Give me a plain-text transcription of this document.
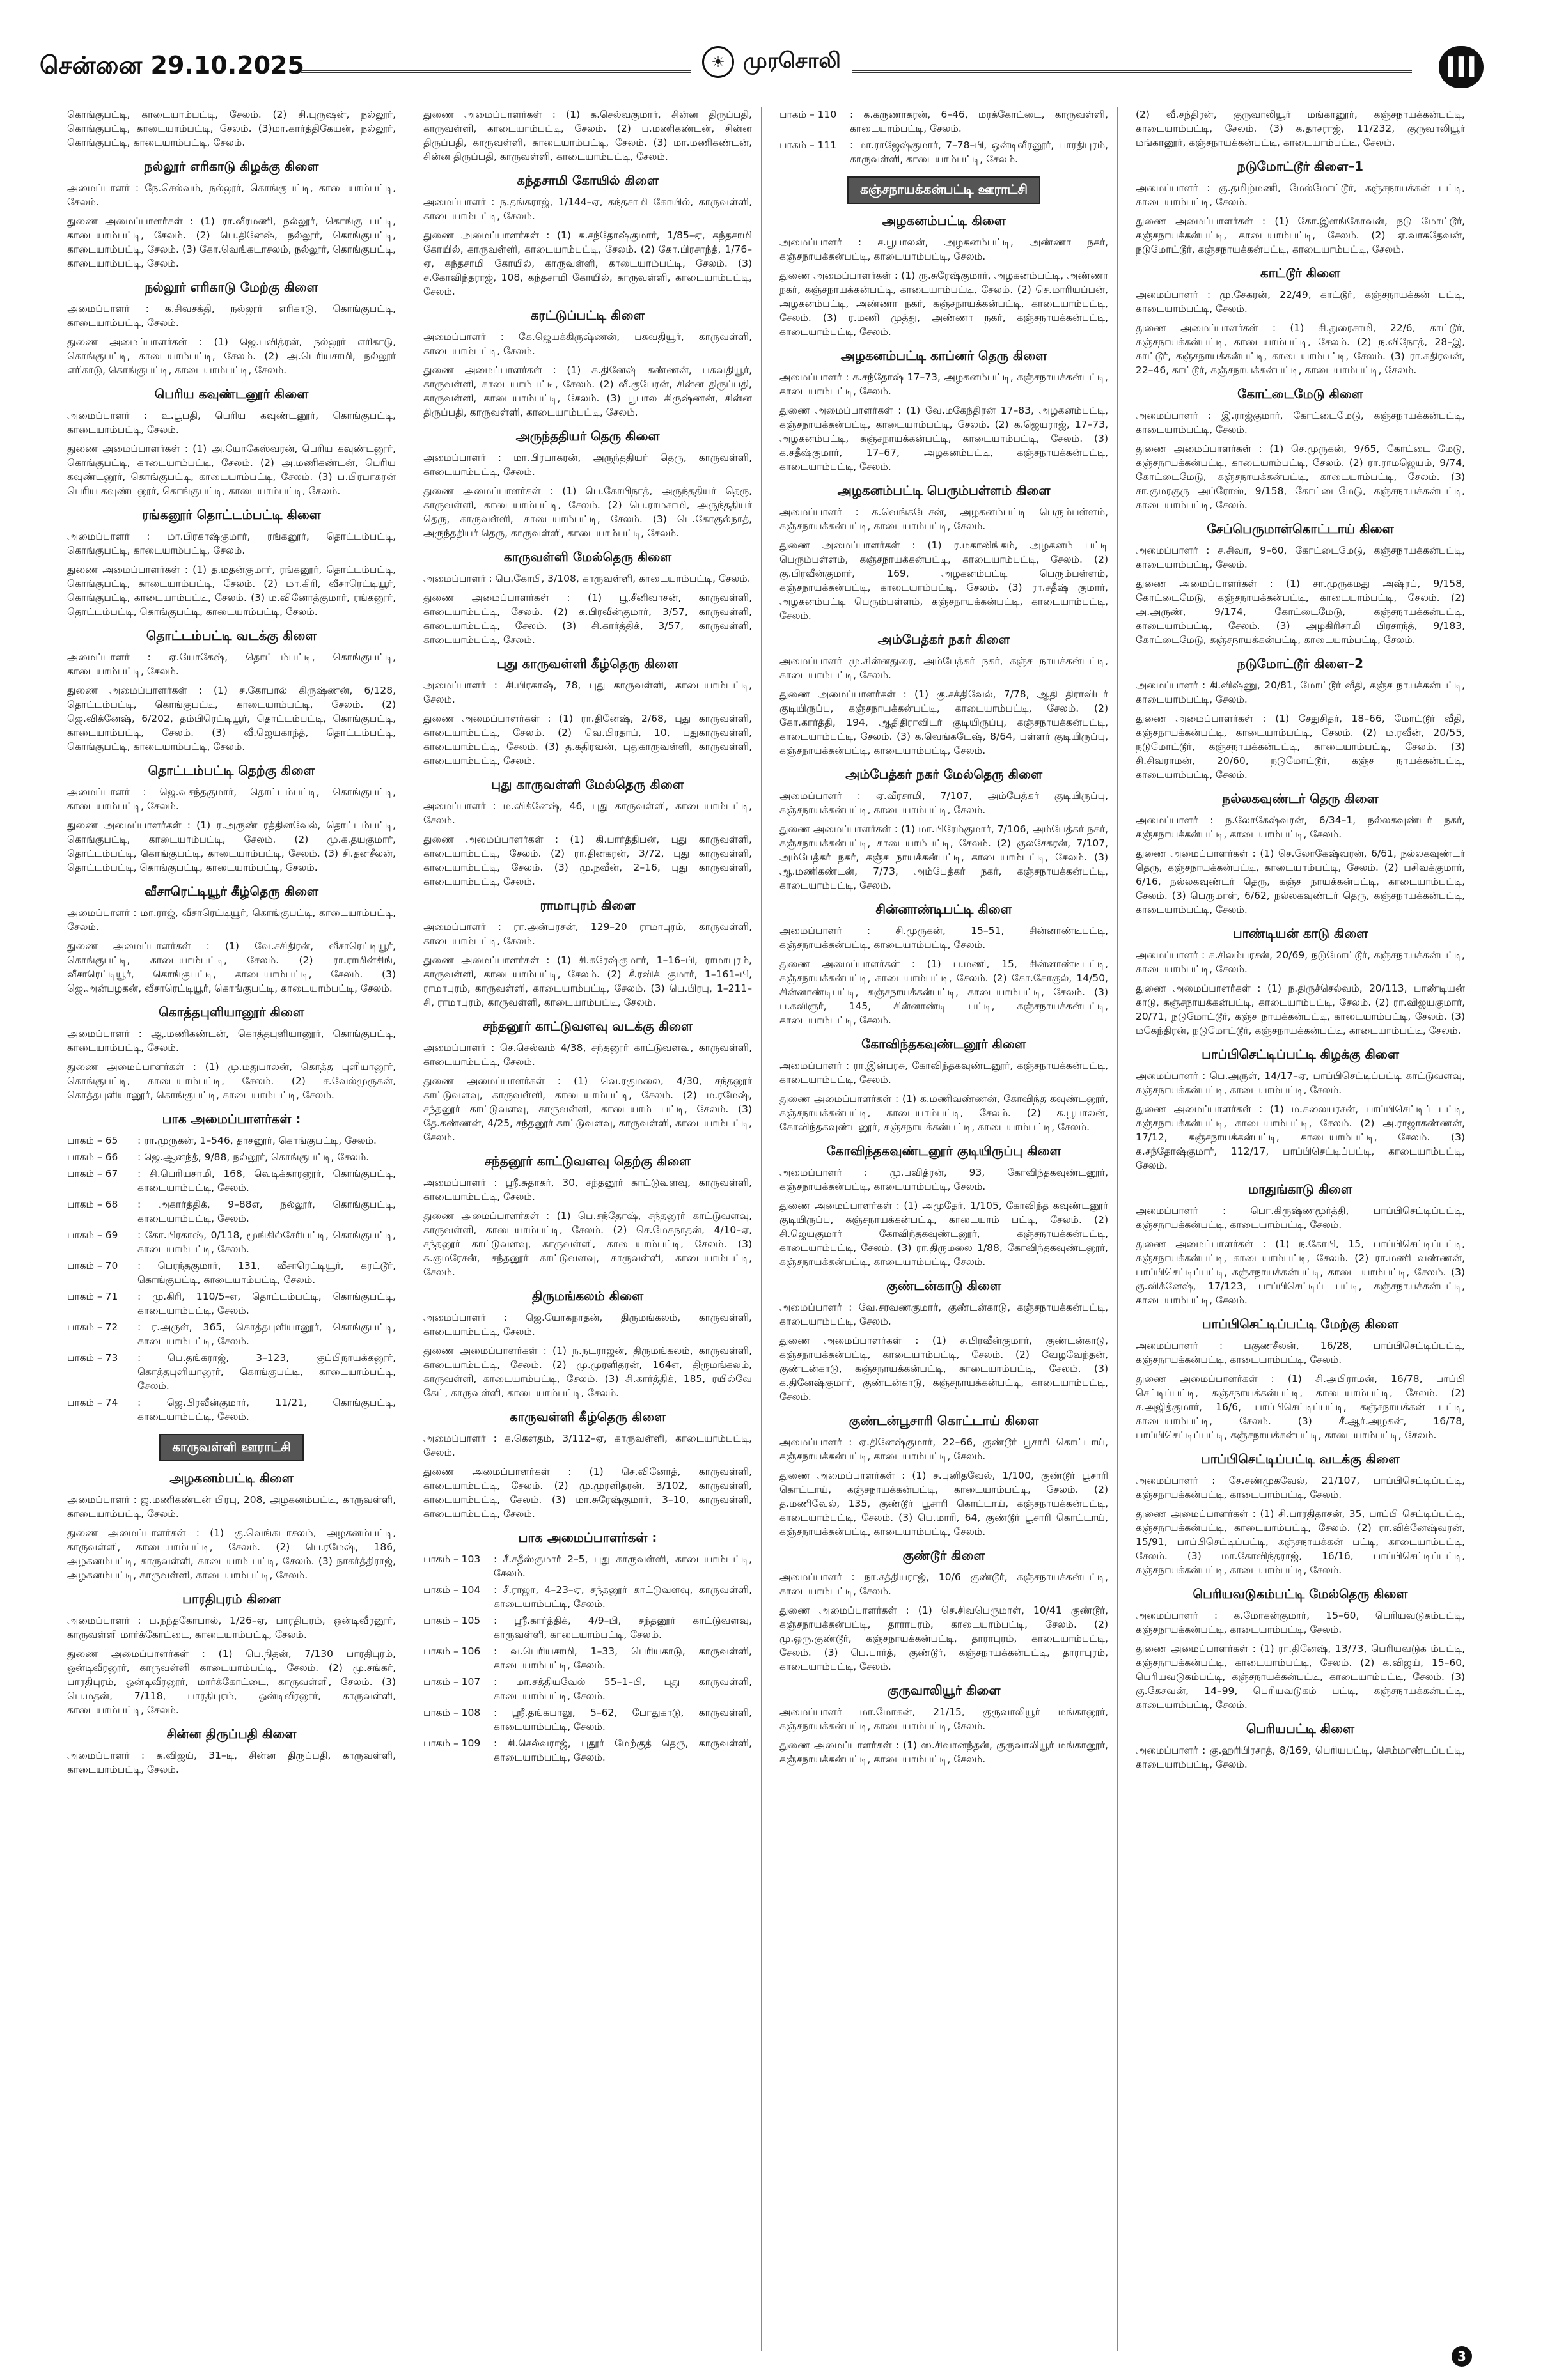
சென்னை 29.10.2025	☀ முரசொலி	III

கொங்குபட்டி, காடையாம்பட்டி, சேலம். (2) சி.புருஷன், நல்லூர், கொங்குபட்டி, காடையாம்பட்டி, சேலம். (3)மா.கார்த்திகேயன், நல்லூர், கொங்குபட்டி, காடையாம்பட்டி, சேலம்.

நல்லூர் எரிகாடு கிழக்கு கிளை

அமைப்பாளர் : நே.செல்வம், நல்லூர், கொங்குபட்டி, காடையாம்பட்டி, சேலம்.

துணை அமைப்பாளர்கள் : (1) ரா.வீரமணி, நல்லூர், கொங்கு பட்டி, காடையாம்பட்டி, சேலம். (2) பெ.தினேஷ், நல்லூர், கொங்குபட்டி, காடையாம்பட்டி, சேலம். (3) கோ.வெங்கடாசலம், நல்லூர், கொங்குபட்டி, காடையாம்பட்டி, சேலம்.

நல்லூர் எரிகாடு மேற்கு கிளை

அமைப்பாளர் : க.சிவசக்தி, நல்லூர் எரிகாடு, கொங்குபட்டி, காடையாம்பட்டி, சேலம்.

துணை அமைப்பாளர்கள் : (1) ஜெ.பவித்ரன், நல்லூர் எரிகாடு, கொங்குபட்டி, காடையாம்பட்டி, சேலம். (2) அ.பெரியசாமி, நல்லூர் எரிகாடு, கொங்குபட்டி, காடையாம்பட்டி, சேலம்.

பெரிய கவுண்டனூர் கிளை

அமைப்பாளர் : உ.பூபதி, பெரிய கவுண்டனூர், கொங்குபட்டி, காடையாம்பட்டி, சேலம்.

துணை அமைப்பாளர்கள் : (1) அ.யோகேஸ்வரன், பெரிய கவுண்டனூர், கொங்குபட்டி, காடையாம்பட்டி, சேலம். (2) அ.மணிகண்டன், பெரிய கவுண்டனூர், கொங்குபட்டி, காடையாம்பட்டி, சேலம். (3) ப.பிரபாகரன் பெரிய கவுண்டனூர், கொங்குபட்டி, காடையாம்பட்டி, சேலம்.

ரங்கனூர் தொட்டம்பட்டி கிளை

அமைப்பாளர் : மா.பிரகாஷ்குமார், ரங்கனூர், தொட்டம்பட்டி, கொங்குபட்டி, காடையாம்பட்டி, சேலம்.

துணை அமைப்பாளர்கள் : (1) த.மதன்குமார், ரங்கனூர், தொட்டம்பட்டி, கொங்குபட்டி, காடையாம்பட்டி, சேலம். (2) மா.கிரி, வீசாரெட்டியூர், கொங்குபட்டி, காடையாம்பட்டி, சேலம். (3) ம.வினோத்குமார், ரங்கனூர், தொட்டம்பட்டி, கொங்குபட்டி, காடையாம்பட்டி, சேலம்.

தொட்டம்பட்டி வடக்கு கிளை

அமைப்பாளர் : ஏ.யோகேஷ், தொட்டம்பட்டி, கொங்குபட்டி, காடையாம்பட்டி, சேலம்.

துணை அமைப்பாளர்கள் : (1) ச.கோபால் கிருஷ்ணன், 6/128, தொட்டம்பட்டி, கொங்குபட்டி, காடையாம்பட்டி, சேலம். (2) ஜெ.விக்னேஷ், 6/202, தம்பிரெட்டியூர், தொட்டம்பட்டி, கொங்குபட்டி, காடையாம்பட்டி, சேலம். (3) வீ.ஜெயகாந்த், தொட்டம்பட்டி, கொங்குபட்டி, காடையாம்பட்டி, சேலம்.

தொட்டம்பட்டி தெற்கு கிளை

அமைப்பாளர் : ஜெ.வசந்தகுமார், தொட்டம்பட்டி, கொங்குபட்டி, காடையாம்பட்டி, சேலம்.

துணை அமைப்பாளர்கள் : (1) ர.அருண் ரத்தினவேல், தொட்டம்பட்டி, கொங்குபட்டி, காடையாம்பட்டி, சேலம். (2) மு.க.தயகுமார், தொட்டம்பட்டி, கொங்குபட்டி, காடையாம்பட்டி, சேலம். (3) சி.தனசீலன், தொட்டம்பட்டி, கொங்குபட்டி, காடையாம்பட்டி, சேலம்.

வீசாரெட்டியூர் கீழ்தெரு கிளை

அமைப்பாளர் : மா.ராஜ், வீசாரெட்டியூர், கொங்குபட்டி, காடையாம்பட்டி, சேலம்.

துணை அமைப்பாளர்கள் : (1) வே.சசிதிரன், வீசாரெட்டியூர், கொங்குபட்டி, காடையாம்பட்டி, சேலம். (2) ரா.ராமின்சிங், வீசாரெட்டியூர், கொங்குபட்டி, காடையாம்பட்டி, சேலம். (3) ஜெ.அன்பழகன், வீசாரெட்டியூர், கொங்குபட்டி, காடையாம்பட்டி, சேலம்.

கொத்தபுளியானூர் கிளை

அமைப்பாளர் : ஆ.மணிகண்டன், கொத்தபுளியானூர், கொங்குபட்டி, காடையாம்பட்டி, சேலம்.

துணை அமைப்பாளர்கள் : (1) மு.மதுபாலன், கொத்த புளியானூர், கொங்குபட்டி, காடையாம்பட்டி, சேலம். (2) ச.வேல்முருகன், கொத்தபுளியானூர், கொங்குபட்டி, காடையாம்பட்டி, சேலம்.

பாக அமைப்பாளர்கள் :
பாகம் – 65	: ரா.முருகன், 1–546, தாசனூர், கொங்குபட்டி, சேலம்.
பாகம் – 66	: ஜெ.ஆனந்த், 9/88, நல்லூர், கொங்குபட்டி, சேலம்.
பாகம் – 67	: சி.பெரியசாமி, 168, வெடிக்காரனூர், கொங்குபட்டி, காடையாம்பட்டி, சேலம்.
பாகம் – 68	: அகார்த்திக், 9–88எ, நல்லூர், கொங்குபட்டி, காடையாம்பட்டி, சேலம்.
பாகம் – 69	: கோ.பிரகாஷ், 0/118, மூங்கில்சேரிபட்டி, கொங்குபட்டி, காடையாம்பட்டி, சேலம்.
பாகம் – 70	: பெரந்தகுமார், 131, வீசாரெட்டியூர், கரட்டூர், கொங்குபட்டி, காடையாம்பட்டி, சேலம்.
பாகம் – 71	: மு.கிரி, 110/5–எ, தொட்டம்பட்டி, கொங்குபட்டி, காடையாம்பட்டி, சேலம்.
பாகம் – 72	: ர.அருள், 365, கொத்தபுளியானூர், கொங்குபட்டி, காடையாம்பட்டி, சேலம்.
பாகம் – 73	: பெ.தங்கராஜ், 3–123, குப்பிநாயக்கனூர், கொத்தபுளியானூர், கொங்குபட்டி, காடையாம்பட்டி, சேலம்.
பாகம் – 74	: ஜெ.பிரவீன்குமார், 11/21, கொங்குபட்டி, காடையாம்பட்டி, சேலம்.
காருவள்ளி ஊராட்சி
அழகனம்பட்டி கிளை

அமைப்பாளர் : ஜ.மணிகண்டன் பிரபு, 208, அழகனம்பட்டி, காருவள்ளி, காடையாம்பட்டி, சேலம்.

துணை அமைப்பாளர்கள் : (1) கு.வெங்கடாசலம், அழகனம்பட்டி, காருவள்ளி, காடையாம்பட்டி, சேலம். (2) பெ.ரமேஷ், 186, அழகனம்பட்டி, காருவள்ளி, காடையாம் பட்டி, சேலம். (3) நாகர்த்திராஜ், அழகனம்பட்டி, காருவள்ளி, காடையாம்பட்டி, சேலம்.

பாரதிபுரம் கிளை

அமைப்பாளர் : ப.நந்தகோபால், 1/26–ஏ, பாரதிபுரம், ஒன்டிவீரனூர், காருவள்ளி மார்க்கோட்டை, காடையாம்பட்டி, சேலம்.

துணை அமைப்பாளர்கள் : (1) பெ.நிதன், 7/130 பாரதிபுரம், ஒன்டிவீரனூர், காருவள்ளி காடையாம்பட்டி, சேலம். (2) மு.சங்கர், பாரதிபுரம், ஒன்டிவீரனூர், மார்க்கோட்டை, காருவள்ளி, சேலம். (3) பெ.மதன், 7/118, பாரதிபுரம், ஒன்டிவீரனூர், காருவள்ளி, காடையாம்பட்டி, சேலம்.

சின்ன திருப்பதி கிளை

அமைப்பாளர் : க.விஜய், 31–டி, சின்ன திருப்பதி, காருவள்ளி, காடையாம்பட்டி, சேலம்.

துணை அமைப்பாளர்கள் : (1) க.செல்வகுமார், சின்ன திருப்பதி, காருவள்ளி, காடையாம்பட்டி, சேலம். (2) ப.மணிகண்டன், சின்ன திருப்பதி, காருவள்ளி, காடையாம்பட்டி, சேலம். (3) மா.மணிகண்டன், சின்ன திருப்பதி, காருவள்ளி, காடையாம்பட்டி, சேலம்.

கந்தசாமி கோயில் கிளை

அமைப்பாளர் : ந.தங்கராஜ், 1/144–ஏ, கந்தசாமி கோயில், காருவள்ளி, காடையாம்பட்டி, சேலம்.

துணை அமைப்பாளர்கள் : (1) க.சந்தோஷ்குமார், 1/85–ஏ, கந்தசாமி கோயில், காருவள்ளி, காடையாம்பட்டி, சேலம். (2) கோ.பிரசாந்த், 1/76–ஏ, கந்தசாமி கோயில், காருவள்ளி, காடையாம்பட்டி, சேலம். (3) ச.கோவிந்தராஜ், 108, கந்தசாமி கோயில், காருவள்ளி, காடையாம்பட்டி, சேலம்.

கரட்டுப்பட்டி கிளை

அமைப்பாளர் : கே.ஜெயக்கிருஷ்ணன், பசுவதியூர், காருவள்ளி, காடையாம்பட்டி, சேலம்.

துணை அமைப்பாளர்கள் : (1) க.தினேஷ் கண்ணன், பசுவதியூர், காருவள்ளி, காடையாம்பட்டி, சேலம். (2) வீ.குபேரன், சின்ன திருப்பதி, காருவள்ளி, காடையாம்பட்டி, சேலம். (3) பூபால கிருஷ்ணன், சின்ன திருப்பதி, காருவள்ளி, காடையாம்பட்டி, சேலம்.

அருந்ததியர் தெரு கிளை

அமைப்பாளர் : மா.பிரபாகரன், அருந்ததியர் தெரு, காருவள்ளி, காடையாம்பட்டி, சேலம்.

துணை அமைப்பாளர்கள் : (1) பெ.கோபிநாத், அருந்ததியர் தெரு, காருவள்ளி, காடையாம்பட்டி, சேலம். (2) பெ.ராமசாமி, அருந்ததியர் தெரு, காருவள்ளி, காடையாம்பட்டி, சேலம். (3) பெ.கோகுல்நாத், அருந்ததியர் தெரு, காருவள்ளி, காடையாம்பட்டி, சேலம்.

காருவள்ளி மேல்தெரு கிளை

அமைப்பாளர் : பெ.கோபி, 3/108, காருவள்ளி, காடையாம்பட்டி, சேலம்.

துணை அமைப்பாளர்கள் : (1) பூ.சீனிவாசன், காருவள்ளி, காடையாம்பட்டி, சேலம். (2) க.பிரவீன்குமார், 3/57, காருவள்ளி, காடையாம்பட்டி, சேலம். (3) சி.கார்த்திக், 3/57, காருவள்ளி, காடையாம்பட்டி, சேலம்.

புது காருவள்ளி கீழ்தெரு கிளை

அமைப்பாளர் : சி.பிரகாஷ், 78, புது காருவள்ளி, காடையாம்பட்டி, சேலம்.

துணை அமைப்பாளர்கள் : (1) ரா.தினேஷ், 2/68, புது காருவள்ளி, காடையாம்பட்டி, சேலம். (2) வெ.பிரதாப், 10, புதுகாருவள்ளி, காடையாம்பட்டி, சேலம். (3) த.கதிரவன், புதுகாருவள்ளி, காருவள்ளி, காடையாம்பட்டி, சேலம்.

புது காருவள்ளி மேல்தெரு கிளை

அமைப்பாளர் : ம.விக்னேஷ், 46, புது காருவள்ளி, காடையாம்பட்டி, சேலம்.

துணை அமைப்பாளர்கள் : (1) கி.பார்த்திபன், புது காருவள்ளி, காடையாம்பட்டி, சேலம். (2) ரா.தினகரன், 3/72, புது காருவள்ளி, காடையாம்பட்டி, சேலம். (3) மு.நவீன், 2–16, புது காருவள்ளி, காடையாம்பட்டி, சேலம்.

ராமாபுரம் கிளை

அமைப்பாளர் : ரா.அன்பரசன், 129–20 ராமாபுரம், காருவள்ளி, காடையாம்பட்டி, சேலம்.

துணை அமைப்பாளர்கள் : (1) சி.சுரேஷ்குமார், 1–16–பி, ராமாபுரம், காருவள்ளி, காடையாம்பட்டி, சேலம். (2) சீ.ரவிக் குமார், 1–161–பி, ராமாபுரம், காருவள்ளி, காடையாம்பட்டி, சேலம். (3) பெ.பிரபு, 1–211–சி, ராமாபுரம், காருவள்ளி, காடையாம்பட்டி, சேலம்.

சந்தனூர் காட்டுவளவு வடக்கு கிளை

அமைப்பாளர் : செ.செல்வம் 4/38, சந்தனூர் காட்டுவளவு, காருவள்ளி, காடையாம்பட்டி, சேலம்.

துணை அமைப்பாளர்கள் : (1) வெ.ரகுமலை, 4/30, சந்தனூர் காட்டுவளவு, காருவள்ளி, காடையாம்பட்டி, சேலம். (2) ம.ரமேஷ், சந்தனூர் காட்டுவளவு, காருவள்ளி, காடையாம் பட்டி, சேலம். (3) தே.கண்ணன், 4/25, சந்தனூர் காட்டுவளவு, காருவள்ளி, காடையாம்பட்டி, சேலம்.

சந்தனூர் காட்டுவளவு தெற்கு கிளை

அமைப்பாளர் : ஸ்ரீ.சுதாகர், 30, சந்தனூர் காட்டுவளவு, காருவள்ளி, காடையாம்பட்டி, சேலம்.

துணை அமைப்பாளர்கள் : (1) பெ.சந்தோஷ், சந்தனூர் காட்டுவளவு, காருவள்ளி, காடையாம்பட்டி, சேலம். (2) செ.மேகநாதன், 4/10–ஏ, சந்தனூர் காட்டுவளவு, காருவள்ளி, காடையாம்பட்டி, சேலம். (3) க.குமரேசன், சந்தனூர் காட்டுவளவு, காருவள்ளி, காடையாம்பட்டி, சேலம்.

திருமங்கலம் கிளை

அமைப்பாளர் : ஜெ.யோகநாதன், திருமங்கலம், காருவள்ளி, காடையாம்பட்டி, சேலம்.

துணை அமைப்பாளர்கள் : (1) ந.நடராஜன், திருமங்கலம், காருவள்ளி, காடையாம்பட்டி, சேலம். (2) மு.முரளிதரன், 164எ, திருமங்கலம், காருவள்ளி, காடையாம்பட்டி, சேலம். (3) சி.கார்த்திக், 185, ரயில்வே கேட், காருவள்ளி, காடையாம்பட்டி, சேலம்.

காருவள்ளி கீழ்தெரு கிளை

அமைப்பாளர் : க.கௌதம், 3/112–ஏ, காருவள்ளி, காடையாம்பட்டி, சேலம்.

துணை அமைப்பாளர்கள் : (1) செ.வினோத், காருவள்ளி, காடையாம்பட்டி, சேலம். (2) மு.முரளிதரன், 3/102, காருவள்ளி, காடையாம்பட்டி, சேலம். (3) மா.சுரேஷ்குமார், 3–10, காருவள்ளி, காடையாம்பட்டி, சேலம்.

பாக அமைப்பாளர்கள் :
பாகம் – 103	: சீ.சதீஸ்குமார் 2–5, புது காருவள்ளி, காடையாம்பட்டி, சேலம்.
பாகம் – 104	: சீ.ராஜா, 4–23–ஏ, சந்தனூர் காட்டுவளவு, காருவள்ளி, காடையாம்பட்டி, சேலம்.
பாகம் – 105	: ஸ்ரீ.கார்த்திக், 4/9–பி, சந்தனூர் காட்டுவளவு, காருவள்ளி, காடையாம்பட்டி, சேலம்.
பாகம் – 106	: வ.பெரியசாமி, 1–33, பெரியகாடு, காருவள்ளி, காடையாம்பட்டி, சேலம்.
பாகம் – 107	: மா.சத்தியவேல் 55–1–பி, புது காருவள்ளி, காடையாம்பட்டி, சேலம்.
பாகம் – 108	: ஸ்ரீ.தங்கபாலு, 5–62, போதுகாடு, காருவள்ளி, காடையாம்பட்டி, சேலம்.
பாகம் – 109	: சி.செல்வராஜ், புதூர் மேற்குத் தெரு, காருவள்ளி, காடையாம்பட்டி, சேலம்.
பாகம் – 110	: க.கருணாகரன், 6–46, மரக்கோட்டை, காருவள்ளி, காடையாம்பட்டி, சேலம்.
பாகம் – 111	: மா.ராஜேஷ்குமார், 7–78–பி, ஒன்டிவீரனூர், பாரதிபுரம், காருவள்ளி, காடையாம்பட்டி, சேலம்.
கஞ்சநாயக்கன்பட்டி ஊராட்சி
அழகனம்பட்டி கிளை

அமைப்பாளர் : ச.பூபாலன், அழகனம்பட்டி, அண்ணா நகர், கஞ்சநாயக்கன்பட்டி, காடையாம்பட்டி, சேலம்.

துணை அமைப்பாளர்கள் : (1) ரு.சுரேஷ்குமார், அழகனம்பட்டி, அண்ணா நகர், கஞ்சநாயக்கன்பட்டி, காடையாம்பட்டி, சேலம். (2) செ.மாரியப்பன், அழகனம்பட்டி, அண்ணா நகர், கஞ்சநாயக்கன்பட்டி, காடையாம்பட்டி, சேலம். (3) ர.மணி முத்து, அண்ணா நகர், கஞ்சநாயக்கன்பட்டி, காடையாம்பட்டி, சேலம்.

அழகனம்பட்டி காப்னர் தெரு கிளை

அமைப்பாளர் : க.சந்தோஷ் 17–73, அழகனம்பட்டி, கஞ்சநாயக்கன்பட்டி, காடையாம்பட்டி, சேலம்.

துணை அமைப்பாளர்கள் : (1) வே.மகேந்திரன் 17–83, அழகனம்பட்டி, கஞ்சநாயக்கன்பட்டி, காடையாம்பட்டி, சேலம். (2) க.ஜெயராஜ், 17–73, அழகனம்பட்டி, கஞ்சநாயக்கன்பட்டி, காடையாம்பட்டி, சேலம். (3) க.சதீஷ்குமார், 17–67, அழகனம்பட்டி, கஞ்சநாயக்கன்பட்டி, காடையாம்பட்டி, சேலம்.

அழகனம்பட்டி பெரும்பள்ளம் கிளை

அமைப்பாளர் : க.வெங்கடேசன், அழகனம்பட்டி பெரும்பள்ளம், கஞ்சநாயக்கன்பட்டி, காடையாம்பட்டி, சேலம்.

துணை அமைப்பாளர்கள் : (1) ர.மகாலிங்கம், அழகனம் பட்டி பெரும்பள்ளம், கஞ்சநாயக்கன்பட்டி, காடையாம்பட்டி, சேலம். (2) கு.பிரவீன்குமார், 169, அழகனம்பட்டி பெரும்பள்ளம், கஞ்சநாயக்கன்பட்டி, காடையாம்பட்டி, சேலம். (3) ரா.சதீஷ் குமார், அழகனம்பட்டி பெரும்பள்ளம், கஞ்சநாயக்கன்பட்டி, காடையாம்பட்டி, சேலம்.

அம்பேத்கர் நகர் கிளை

அமைப்பாளர் மு.சின்னதுரை, அம்பேத்கர் நகர், கஞ்ச நாயக்கன்பட்டி, காடையாம்பட்டி, சேலம்.

துணை அமைப்பாளர்கள் : (1) கு.சக்திவேல், 7/78, ஆதி திராவிடர் குடியிருப்பு, கஞ்சநாயக்கன்பட்டி, காடையாம்பட்டி, சேலம். (2) கோ.கார்த்தி, 194, ஆதிதிராவிடர் குடியிருப்பு, கஞ்சநாயக்கன்பட்டி, காடையாம்பட்டி, சேலம். (3) க.வெங்கடேஷ், 8/64, பள்ளர் குடியிருப்பு, கஞ்சநாயக்கன்பட்டி, காடையாம்பட்டி, சேலம்.

அம்பேத்கர் நகர் மேல்தெரு கிளை

அமைப்பாளர் : ஏ.வீரசாமி, 7/107, அம்பேத்கர் குடியிருப்பு, கஞ்சநாயக்கன்பட்டி, காடையாம்பட்டி, சேலம்.

துணை அமைப்பாளர்கள் : (1) மா.பிரேம்குமார், 7/106, அம்பேத்கர் நகர், கஞ்சநாயக்கன்பட்டி, காடையாம்பட்டி, சேலம். (2) குலசேகரன், 7/107, அம்பேத்கர் நகர், கஞ்ச நாயக்கன்பட்டி, காடையாம்பட்டி, சேலம். (3) ஆ.மணிகண்டன், 7/73, அம்பேத்கர் நகர், கஞ்சநாயக்கன்பட்டி, காடையாம்பட்டி, சேலம்.

சின்னாண்டிபட்டி கிளை

அமைப்பாளர் : சி.முருகன், 15–51, சின்னாண்டிபட்டி, கஞ்சநாயக்கன்பட்டி, காடையாம்பட்டி, சேலம்.

துணை அமைப்பாளர்கள் : (1) ப.மணி, 15, சின்னாண்டிபட்டி, கஞ்சநாயக்கன்பட்டி, காடையாம்பட்டி, சேலம். (2) கோ.கோகுல், 14/50, சின்னாண்டிபட்டி, கஞ்சநாயக்கன்பட்டி, காடையாம்பட்டி, சேலம். (3) ப.கவிஞர், 145, சின்னாண்டி பட்டி, கஞ்சநாயக்கன்பட்டி, காடையாம்பட்டி, சேலம்.

கோவிந்தகவுண்டனூர் கிளை

அமைப்பாளர் : ரா.இன்பரசு, கோவிந்தகவுண்டனூர், கஞ்சநாயக்கன்பட்டி, காடையாம்பட்டி, சேலம்.

துணை அமைப்பாளர்கள் : (1) க.மணிவண்ணன், கோவிந்த கவுண்டனூர், கஞ்சநாயக்கன்பட்டி, காடையாம்பட்டி, சேலம். (2) க.பூபாலன், கோவிந்தகவுண்டனூர், கஞ்சநாயக்கன்பட்டி, காடையாம்பட்டி, சேலம்.

கோவிந்தகவுண்டனூர் குடியிருப்பு கிளை

அமைப்பாளர் : மு.பவித்ரன், 93, கோவிந்தகவுண்டனூர், கஞ்சநாயக்கன்பட்டி, காடையாம்பட்டி, சேலம்.

துணை அமைப்பாளர்கள் : (1) அமுதேர், 1/105, கோவிந்த கவுண்டனூர் குடியிருப்பு, கஞ்சநாயக்கன்பட்டி, காடையாம் பட்டி, சேலம். (2) சி.ஜெயகுமார் கோவிந்தகவுண்டனூர், கஞ்சநாயக்கன்பட்டி, காடையாம்பட்டி, சேலம். (3) ரா.திருமலை 1/88, கோவிந்தகவுண்டனூர், கஞ்சநாயக்கன்பட்டி, காடையாம்பட்டி, சேலம்.

குண்டன்காடு கிளை

அமைப்பாளர் : வே.சரவணகுமார், குண்டன்காடு, கஞ்சநாயக்கன்பட்டி, காடையாம்பட்டி, சேலம்.

துணை அமைப்பாளர்கள் : (1) ச.பிரவீன்குமார், குண்டன்காடு, கஞ்சநாயக்கன்பட்டி, காடையாம்பட்டி, சேலம். (2) வேழவேந்தன், குண்டன்காடு, கஞ்சநாயக்கன்பட்டி, காடையாம்பட்டி, சேலம். (3) க.தினேஷ்குமார், குண்டன்காடு, கஞ்சநாயக்கன்பட்டி, காடையாம்பட்டி, சேலம்.

குண்டன்பூசாரி கொட்டாய் கிளை

அமைப்பாளர் : ஏ.தினேஷ்குமார், 22–66, குண்டூர் பூசாரி கொட்டாய், கஞ்சநாயக்கன்பட்டி, காடையாம்பட்டி, சேலம்.

துணை அமைப்பாளர்கள் : (1) ச.புனிதவேல், 1/100, குண்டூர் பூசாரி கொட்டாய், கஞ்சநாயக்கன்பட்டி, காடையாம்பட்டி, சேலம். (2) த.மணிவேல், 135, குண்டூர் பூசாரி கொட்டாய், கஞ்சநாயக்கன்பட்டி, காடையாம்பட்டி, சேலம். (3) பெ.மாரி, 64, குண்டூர் பூசாரி கொட்டாய், கஞ்சநாயக்கன்பட்டி, காடையாம்பட்டி, சேலம்.

குண்டூர் கிளை

அமைப்பாளர் : நா.சத்தியராஜ், 10/6 குண்டூர், கஞ்சநாயக்கன்பட்டி, காடையாம்பட்டி, சேலம்.

துணை அமைப்பாளர்கள் : (1) செ.சிவபெருமாள், 10/41 குண்டூர், கஞ்சநாயக்கன்பட்டி, தாராபுரம், காடையாம்பட்டி, சேலம். (2) மு.ஒரு.குண்டூர், கஞ்சநாயக்கன்பட்டி, தாராபுரம், காடையாம்பட்டி, சேலம். (3) பெ.பார்த், குண்டூர், கஞ்சநாயக்கன்பட்டி, தாராபுரம், காடையாம்பட்டி, சேலம்.

குருவாலியூர் கிளை

அமைப்பாளர் மா.மோகன், 21/15, குருவாலியூர் மங்கானூர், கஞ்சநாயக்கன்பட்டி, காடையாம்பட்டி, சேலம்.

துணை அமைப்பாளர்கள் : (1) ஸ.சிவானந்தன், குருவாலியூர் மங்கானூர், கஞ்சநாயக்கன்பட்டி, காடையாம்பட்டி, சேலம்.

(2) வீ.சந்திரன், குருவாலியூர் மங்கானூர், கஞ்சநாயக்கன்பட்டி, காடையாம்பட்டி, சேலம். (3) க.தாசராஜ், 11/232, குருவாலியூர் மங்கானூர், கஞ்சநாயக்கன்பட்டி, காடையாம்பட்டி, சேலம்.

நடுமோட்டூர் கிளை–1

அமைப்பாளர் : கு.தமிழ்மணி, மேல்மோட்டூர், கஞ்சநாயக்கன் பட்டி, காடையாம்பட்டி, சேலம்.

துணை அமைப்பாளர்கள் : (1) கோ.இளங்கோவன், நடு மோட்டூர், கஞ்சநாயக்கன்பட்டி, காடையாம்பட்டி, சேலம். (2) ஏ.வாசுதேவன், நடுமோட்டூர், கஞ்சநாயக்கன்பட்டி, காடையாம்பட்டி, சேலம்.

காட்டூர் கிளை

அமைப்பாளர் : மு.சேகரன், 22/49, காட்டூர், கஞ்சநாயக்கன் பட்டி, காடையாம்பட்டி, சேலம்.

துணை அமைப்பாளர்கள் : (1) சி.துரைசாமி, 22/6, காட்டூர், கஞ்சநாயக்கன்பட்டி, காடையாம்பட்டி, சேலம். (2) ந.விநோத், 28–இ, காட்டூர், கஞ்சநாயக்கன்பட்டி, காடையாம்பட்டி, சேலம். (3) ரா.கதிரவன், 22–46, காட்டூர், கஞ்சநாயக்கன்பட்டி, காடையாம்பட்டி, சேலம்.

கோட்டைமேடு கிளை

அமைப்பாளர் : இ.ராஜ்குமார், கோட்டைமேடு, கஞ்சநாயக்கன்பட்டி, காடையாம்பட்டி, சேலம்.

துணை அமைப்பாளர்கள் : (1) செ.முருகன், 9/65, கோட்டை மேடு, கஞ்சநாயக்கன்பட்டி, காடையாம்பட்டி, சேலம். (2) ரா.ராமஜெயம், 9/74, கோட்டைமேடு, கஞ்சநாயக்கன்பட்டி, காடையாம்பட்டி, சேலம். (3) சா.குமரகுரு அப்ரோஸ், 9/158, கோட்டைமேடு, கஞ்சநாயக்கன்பட்டி, காடையாம்பட்டி, சேலம்.

சேப்பெருமாள்கொட்டாய் கிளை

அமைப்பாளர் : ச.சிவா, 9–60, கோட்டைமேடு, கஞ்சநாயக்கன்பட்டி, காடையாம்பட்டி, சேலம்.

துணை அமைப்பாளர்கள் : (1) சா.முருகமது அஷ்ரப், 9/158, கோட்டைமேடு, கஞ்சநாயக்கன்பட்டி, காடையாம்பட்டி, சேலம். (2) அ.அருண், 9/174, கோட்டைமேடு, கஞ்சநாயக்கன்பட்டி, காடையாம்பட்டி, சேலம். (3) அழகிரிசாமி பிரசாந்த், 9/183, கோட்டைமேடு, கஞ்சநாயக்கன்பட்டி, காடையாம்பட்டி, சேலம்.

நடுமோட்டூர் கிளை–2

அமைப்பாளர் : கி.விஷ்ணு, 20/81, மோட்டூர் வீதி, கஞ்ச நாயக்கன்பட்டி, காடையாம்பட்டி, சேலம்.

துணை அமைப்பாளர்கள் : (1) சேதுசிதர், 18–66, மோட்டூர் வீதி, கஞ்சநாயக்கன்பட்டி, காடையாம்பட்டி, சேலம். (2) ம.ரவீன், 20/55, நடுமோட்டூர், கஞ்சநாயக்கன்பட்டி, காடையாம்பட்டி, சேலம். (3) சி.சிவராமன், 20/60, நடுமோட்டூர், கஞ்ச நாயக்கன்பட்டி, காடையாம்பட்டி, சேலம்.

நல்லகவுண்டர் தெரு கிளை

அமைப்பாளர் : ந.லோகேஷ்வரன், 6/34–1, நல்லகவுண்டர் நகர், கஞ்சநாயக்கன்பட்டி, காடையாம்பட்டி, சேலம்.

துணை அமைப்பாளர்கள் : (1) செ.லோகேஷ்வரன், 6/61, நல்லகவுண்டர் தெரு, கஞ்சநாயக்கன்பட்டி, காடையாம்பட்டி, சேலம். (2) பசிவக்குமார், 6/16, நல்லகவுண்டர் தெரு, கஞ்ச நாயக்கன்பட்டி, காடையாம்பட்டி, சேலம். (3) பெருமாள், 6/62, நல்லகவுண்டர் தெரு, கஞ்சநாயக்கன்பட்டி, காடையாம்பட்டி, சேலம்.

பாண்டியன் காடு கிளை

அமைப்பாளர் : க.சிலம்பரசன், 20/69, நடுமோட்டூர், கஞ்சநாயக்கன்பட்டி, காடையாம்பட்டி, சேலம்.

துணை அமைப்பாளர்கள் : (1) ந.திருச்செல்வம், 20/113, பாண்டியன் காடு, கஞ்சநாயக்கன்பட்டி, காடையாம்பட்டி, சேலம். (2) ரா.விஜயகுமார், 20/71, நடுமோட்டூர், கஞ்ச நாயக்கன்பட்டி, காடையாம்பட்டி, சேலம். (3) மகேந்திரன், நடுமோட்டூர், கஞ்சநாயக்கன்பட்டி, காடையாம்பட்டி, சேலம்.

பாப்பிசெட்டிப்பட்டி கிழக்கு கிளை

அமைப்பாளர் : பெ.அருள், 14/17–ஏ, பாப்பிசெட்டிப்பட்டி காட்டுவளவு, கஞ்சநாயக்கன்பட்டி, காடையாம்பட்டி, சேலம்.

துணை அமைப்பாளர்கள் : (1) ம.கலையரசன், பாப்பிசெட்டிப் பட்டி, கஞ்சநாயக்கன்பட்டி, காடையாம்பட்டி, சேலம். (2) அ.ராஜாகண்ணன், 17/12, கஞ்சநாயக்கன்பட்டி, காடையாம்பட்டி, சேலம். (3) க.சந்தோஷ்குமார், 112/17, பாப்பிசெட்டிப்பட்டி, காடையாம்பட்டி, சேலம்.

மாதுங்காடு கிளை

அமைப்பாளர் : பொ.கிருஷ்ணமூர்த்தி, பாப்பிசெட்டிப்பட்டி, கஞ்சநாயக்கன்பட்டி, காடையாம்பட்டி, சேலம்.

துணை அமைப்பாளர்கள் : (1) ந.கோபி, 15, பாப்பிசெட்டிப்பட்டி, கஞ்சநாயக்கன்பட்டி, காடையாம்பட்டி, சேலம். (2) ரா.மணி வண்ணன், பாப்பிசெட்டிப்பட்டி, கஞ்சநாயக்கன்பட்டி, காடை யாம்பட்டி, சேலம். (3) கு.விக்னேஷ், 17/123, பாப்பிசெட்டிப் பட்டி, கஞ்சநாயக்கன்பட்டி, காடையாம்பட்டி, சேலம்.

பாப்பிசெட்டிப்பட்டி மேற்கு கிளை

அமைப்பாளர் : பகுணசீலன், 16/28, பாப்பிசெட்டிப்பட்டி, கஞ்சநாயக்கன்பட்டி, காடையாம்பட்டி, சேலம்.

துணை அமைப்பாளர்கள் : (1) சி.அபிராமன், 16/78, பாப்பி செட்டிப்பட்டி, கஞ்சநாயக்கன்பட்டி, காடையாம்பட்டி, சேலம். (2) ச.அஜித்குமார், 16/6, பாப்பிசெட்டிப்பட்டி, கஞ்சநாயக்கன் பட்டி, காடையாம்பட்டி, சேலம். (3) சீ.ஆர்.அழகன், 16/78, பாப்பிசெட்டிப்பட்டி, கஞ்சநாயக்கன்பட்டி, காடையாம்பட்டி, சேலம்.

பாப்பிசெட்டிப்பட்டி வடக்கு கிளை

அமைப்பாளர் : சே.சண்முகவேல், 21/107, பாப்பிசெட்டிப்பட்டி, கஞ்சநாயக்கன்பட்டி, காடையாம்பட்டி, சேலம்.

துணை அமைப்பாளர்கள் : (1) சி.பாரதிதாசன், 35, பாப்பி செட்டிப்பட்டி, கஞ்சநாயக்கன்பட்டி, காடையாம்பட்டி, சேலம். (2) ரா.விக்னேஷ்வரன், 15/91, பாப்பிசெட்டிப்பட்டி, கஞ்சநாயக்கன் பட்டி, காடையாம்பட்டி, சேலம். (3) மா.கோவிந்தராஜ், 16/16, பாப்பிசெட்டிப்பட்டி, கஞ்சநாயக்கன்பட்டி, காடையாம்பட்டி, சேலம்.

பெரியவடுகம்பட்டி மேல்தெரு கிளை

அமைப்பாளர் : க.மோகன்குமார், 15–60, பெரியவடுகம்பட்டி, கஞ்சநாயக்கன்பட்டி, காடையாம்பட்டி, சேலம்.

துணை அமைப்பாளர்கள் : (1) ரா.தினேஷ், 13/73, பெரியவடுக ம்பட்டி, கஞ்சநாயக்கன்பட்டி, காடையாம்பட்டி, சேலம். (2) க.விஜய், 15–60, பெரியவடுகம்பட்டி, கஞ்சநாயக்கன்பட்டி, காடையாம்பட்டி, சேலம். (3) கு.கேசவன், 14–99, பெரியவடுகம் பட்டி, கஞ்சநாயக்கன்பட்டி, காடையாம்பட்டி, சேலம்.

பெரியபட்டி கிளை

அமைப்பாளர் : கு.ஹரிபிரசாத், 8/169, பெரியபட்டி, செம்மாண்டப்பட்டி, காடையாம்பட்டி, சேலம்.

3
